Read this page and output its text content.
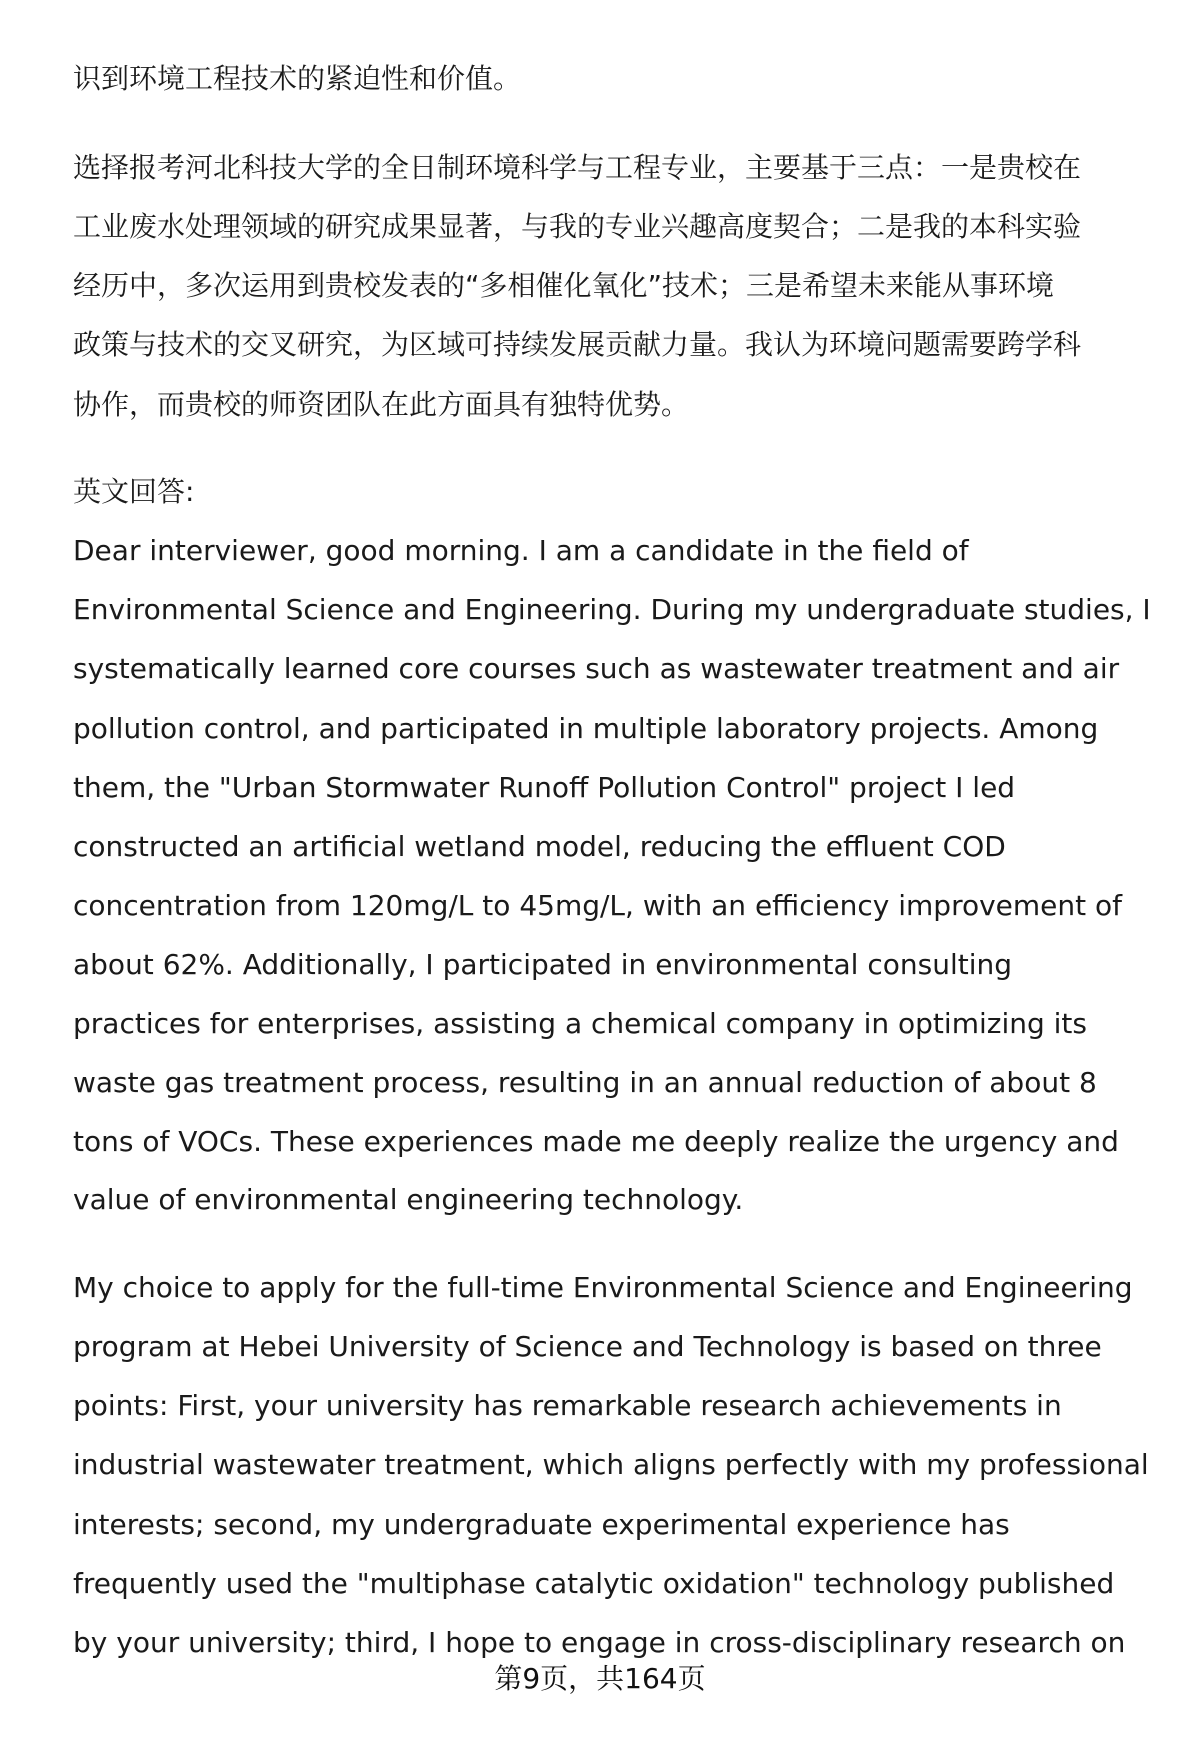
识到环境工程技术的紧迫性和价值。
选择报考河北科技大学的全日制环境科学与工程专业，主要基于三点：一是贵校在
工业废水处理领域的研究成果显著，与我的专业兴趣高度契合；二是我的本科实验
经历中，多次运用到贵校发表的“多相催化氧化”技术；三是希望未来能从事环境
政策与技术的交叉研究，为区域可持续发展贡献力量。我认为环境问题需要跨学科
协作，而贵校的师资团队在此方面具有独特优势。
英文回答:
Dear interviewer, good morning. I am a candidate in the field of
Environmental Science and Engineering. During my undergraduate studies, I
systematically learned core courses such as wastewater treatment and air
pollution control, and participated in multiple laboratory projects. Among
them, the "Urban Stormwater Runoff Pollution Control" project I led
constructed an artificial wetland model, reducing the effluent COD
concentration from 120mg/L to 45mg/L, with an efficiency improvement of
about 62%. Additionally, I participated in environmental consulting
practices for enterprises, assisting a chemical company in optimizing its
waste gas treatment process, resulting in an annual reduction of about 8
tons of VOCs. These experiences made me deeply realize the urgency and
value of environmental engineering technology.
My choice to apply for the full-time Environmental Science and Engineering
program at Hebei University of Science and Technology is based on three
points: First, your university has remarkable research achievements in
industrial wastewater treatment, which aligns perfectly with my professional
interests; second, my undergraduate experimental experience has
frequently used the "multiphase catalytic oxidation" technology published
by your university; third, I hope to engage in cross-disciplinary research on
第9页，共164页
